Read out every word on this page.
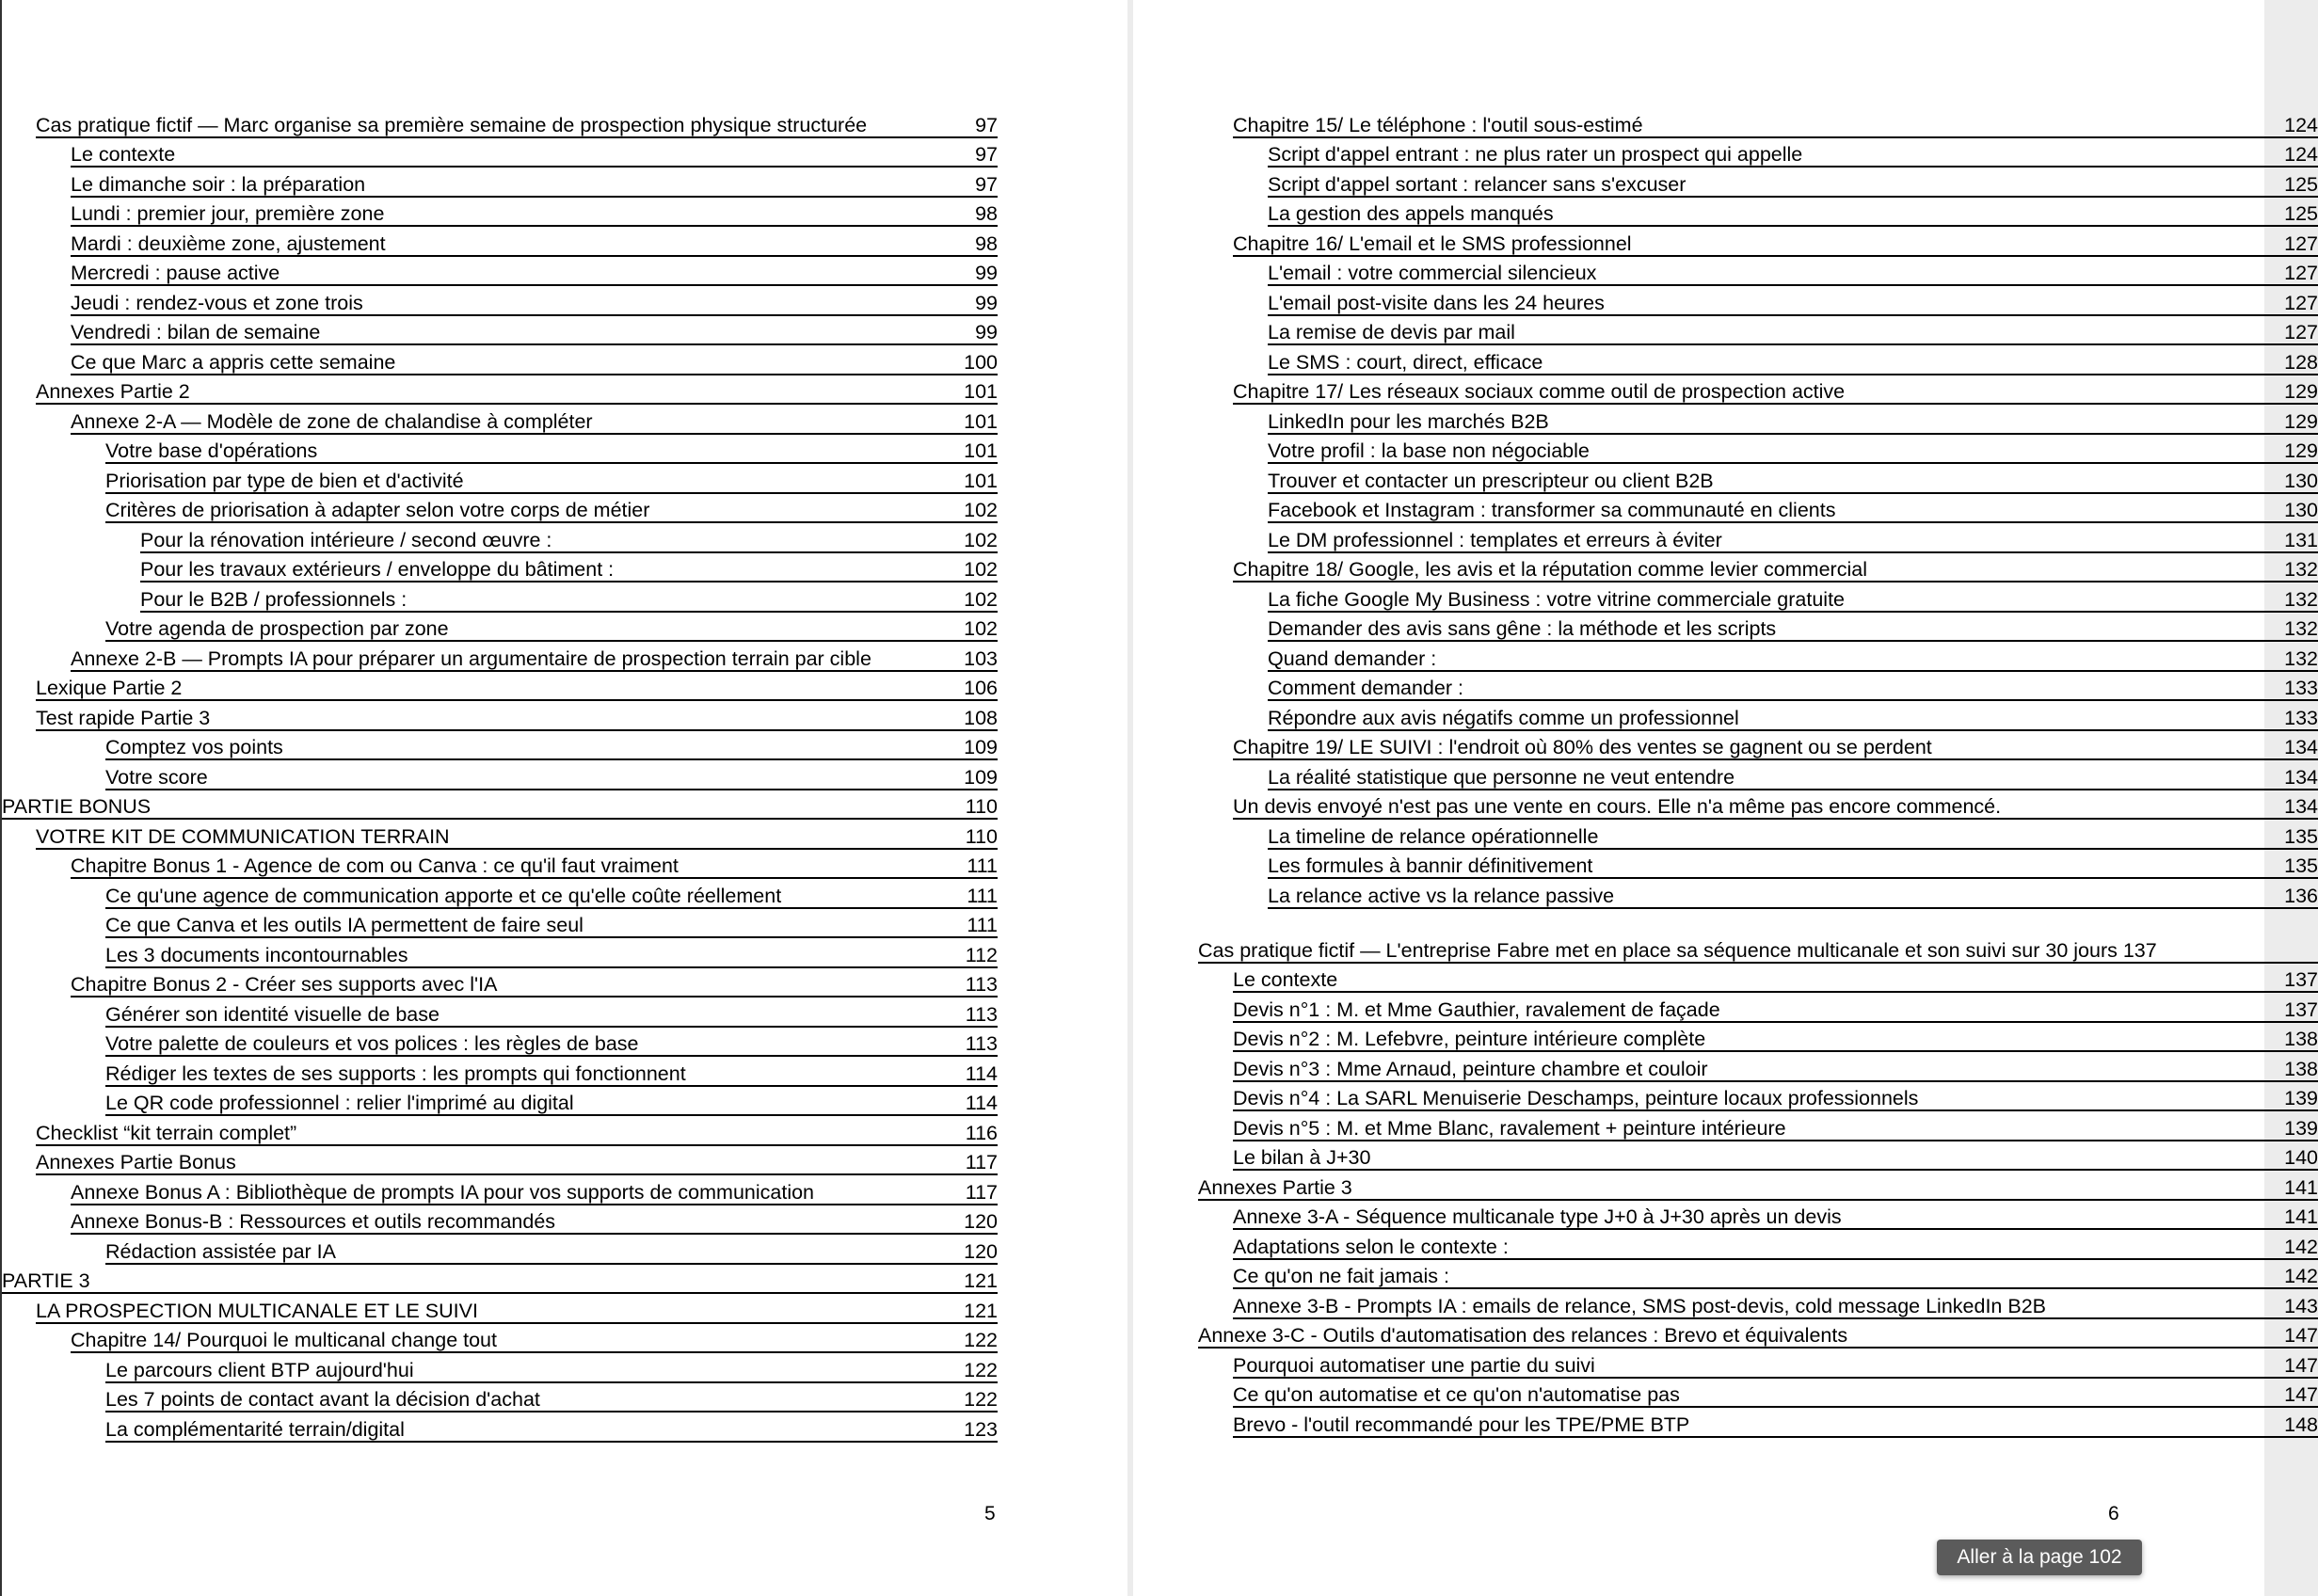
Cas pratique fictif — Marc organise sa première semaine de prospection physique structurée	97
Le contexte	97
Le dimanche soir : la préparation	97
Lundi : premier jour, première zone	98
Mardi : deuxième zone, ajustement	98
Mercredi : pause active	99
Jeudi : rendez-vous et zone trois	99
Vendredi : bilan de semaine	99
Ce que Marc a appris cette semaine	100
Annexes Partie 2	101
Annexe 2-A — Modèle de zone de chalandise à compléter	101
Votre base d'opérations	101
Priorisation par type de bien et d'activité	101
Critères de priorisation à adapter selon votre corps de métier	102
Pour la rénovation intérieure / second œuvre :	102
Pour les travaux extérieurs / enveloppe du bâtiment :	102
Pour le B2B / professionnels :	102
Votre agenda de prospection par zone	102
Annexe 2-B — Prompts IA pour préparer un argumentaire de prospection terrain par cible	103
Lexique Partie 2	106
Test rapide Partie 3	108
Comptez vos points	109
Votre score	109
PARTIE BONUS	110
VOTRE KIT DE COMMUNICATION TERRAIN	110
Chapitre Bonus 1 - Agence de com ou Canva : ce qu'il faut vraiment	111
Ce qu'une agence de communication apporte et ce qu'elle coûte réellement	111
Ce que Canva et les outils IA permettent de faire seul	111
Les 3 documents incontournables	112
Chapitre Bonus 2 - Créer ses supports avec l'IA	113
Générer son identité visuelle de base	113
Votre palette de couleurs et vos polices : les règles de base	113
Rédiger les textes de ses supports : les prompts qui fonctionnent	114
Le QR code professionnel : relier l'imprimé au digital	114
Checklist “kit terrain complet”	116
Annexes Partie Bonus	117
Annexe Bonus A : Bibliothèque de prompts IA pour vos supports de communication	117
Annexe Bonus-B : Ressources et outils recommandés	120
Rédaction assistée par IA	120
PARTIE 3	121
LA PROSPECTION MULTICANALE ET LE SUIVI	121
Chapitre 14/ Pourquoi le multicanal change tout	122
Le parcours client BTP aujourd'hui	122
Les 7 points de contact avant la décision d'achat	122
La complémentarité terrain/digital	123
5
Chapitre 15/ Le téléphone : l'outil sous-estimé	124
Script d'appel entrant : ne plus rater un prospect qui appelle	124
Script d'appel sortant : relancer sans s'excuser	125
La gestion des appels manqués	125
Chapitre 16/ L'email et le SMS professionnel	127
L'email : votre commercial silencieux	127
L'email post-visite dans les 24 heures	127
La remise de devis par mail	127
Le SMS : court, direct, efficace	128
Chapitre 17/ Les réseaux sociaux comme outil de prospection active	129
LinkedIn pour les marchés B2B	129
Votre profil : la base non négociable	129
Trouver et contacter un prescripteur ou client B2B	130
Facebook et Instagram : transformer sa communauté en clients	130
Le DM professionnel : templates et erreurs à éviter	131
Chapitre 18/ Google, les avis et la réputation comme levier commercial	132
La fiche Google My Business : votre vitrine commerciale gratuite	132
Demander des avis sans gêne : la méthode et les scripts	132
Quand demander :	132
Comment demander :	133
Répondre aux avis négatifs comme un professionnel	133
Chapitre 19/ LE SUIVI : l'endroit où 80% des ventes se gagnent ou se perdent	134
La réalité statistique que personne ne veut entendre	134
Un devis envoyé n'est pas une vente en cours. Elle n'a même pas encore commencé.	134
La timeline de relance opérationnelle	135
Les formules à bannir définitivement	135
La relance active vs la relance passive	136
Cas pratique fictif — L'entreprise Fabre met en place sa séquence multicanale et son suivi sur 30 jours 137
Le contexte	137
Devis n°1 : M. et Mme Gauthier, ravalement de façade	137
Devis n°2 : M. Lefebvre, peinture intérieure complète	138
Devis n°3 : Mme Arnaud, peinture chambre et couloir	138
Devis n°4 : La SARL Menuiserie Deschamps, peinture locaux professionnels	139
Devis n°5 : M. et Mme Blanc, ravalement + peinture intérieure	139
Le bilan à J+30	140
Annexes Partie 3	141
Annexe 3-A - Séquence multicanale type J+0 à J+30 après un devis	141
Adaptations selon le contexte :	142
Ce qu'on ne fait jamais :	142
Annexe 3-B - Prompts IA : emails de relance, SMS post-devis, cold message LinkedIn B2B	143
Annexe 3-C - Outils d'automatisation des relances : Brevo et équivalents	147
Pourquoi automatiser une partie du suivi	147
Ce qu'on automatise et ce qu'on n'automatise pas	147
Brevo - l'outil recommandé pour les TPE/PME BTP	148
6
Aller à la page 102
